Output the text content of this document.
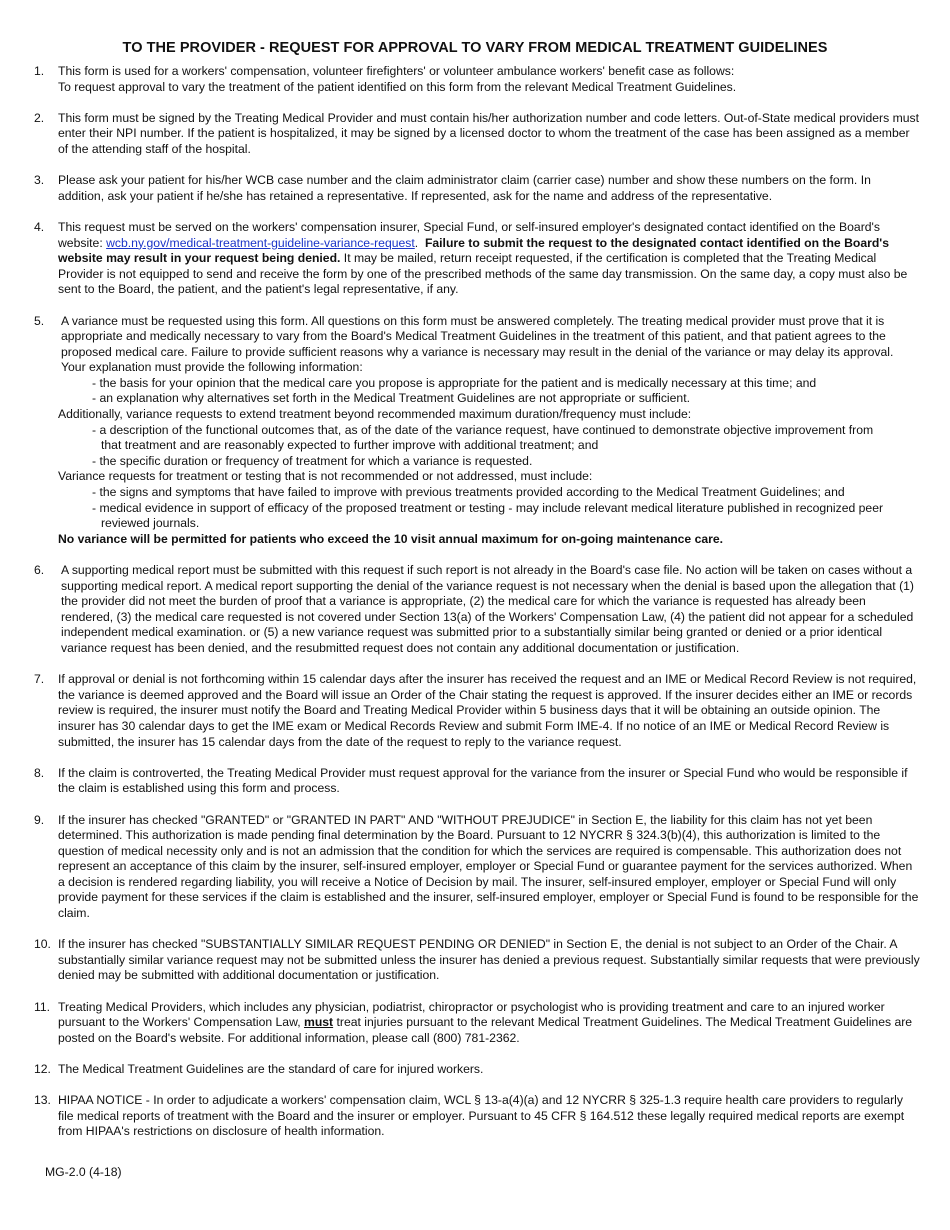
TO THE PROVIDER - REQUEST FOR APPROVAL TO VARY FROM MEDICAL TREATMENT GUIDELINES
1. This form is used for a workers' compensation, volunteer firefighters' or volunteer ambulance workers' benefit case as follows:

To request approval to vary the treatment of the patient identified on this form from the relevant Medical Treatment Guidelines.

2. This form must be signed by the Treating Medical Provider and must contain his/her authorization number and code letters. Out-of-State medical providers must enter their NPI number. If the patient is hospitalized, it may be signed by a licensed doctor to whom the treatment of the case has been assigned as a member of the attending staff of the hospital.

3. Please ask your patient for his/her WCB case number and the claim administrator claim (carrier case) number and show these numbers on the form. In addition, ask your patient if he/she has retained a representative. If represented, ask for the name and address of the representative.

4. This request must be served on the workers' compensation insurer, Special Fund, or self-insured employer's designated contact identified on the Board's website: wcb.ny.gov/medical-treatment-guideline-variance-request.  Failure to submit the request to the designated contact identified on the Board's website may result in your request being denied. It may be mailed, return receipt requested, if the certification is completed that the Treating Medical Provider is not equipped to send and receive the form by one of the prescribed methods of the same day transmission. On the same day, a copy must also be sent to the Board, the patient, and the patient's legal representative, if any.

5. A variance must be requested using this form. All questions on this form must be answered completely. The treating medical provider must prove that it is appropriate and medically necessary to vary from the Board's Medical Treatment Guidelines in the treatment of this patient, and that patient agrees to the proposed medical care. Failure to provide sufficient reasons why a variance is necessary may result in the denial of the variance or may delay its approval. Your explanation must provide the following information:

- the basis for your opinion that the medical care you propose is appropriate for the patient and is medically necessary at this time; and

- an explanation why alternatives set forth in the Medical Treatment Guidelines are not appropriate or sufficient.

Additionally, variance requests to extend treatment beyond recommended maximum duration/frequency must include:

- a description of the functional outcomes that, as of the date of the variance request, have continued to demonstrate objective improvement from

that treatment and are reasonably expected to further improve with additional treatment; and

- the specific duration or frequency of treatment for which a variance is requested.

Variance requests for treatment or testing that is not recommended or not addressed, must include:

- the signs and symptoms that have failed to improve with previous treatments provided according to the Medical Treatment Guidelines; and

- medical evidence in support of efficacy of the proposed treatment or testing - may include relevant medical literature published in recognized peer

reviewed journals.

No variance will be permitted for patients who exceed the 10 visit annual maximum for on-going maintenance care.

6. A supporting medical report must be submitted with this request if such report is not already in the Board's case file. No action will be taken on cases without a supporting medical report. A medical report supporting the denial of the variance request is not necessary when the denial is based upon the allegation that (1) the provider did not meet the burden of proof that a variance is appropriate, (2) the medical care for which the variance is requested has already been rendered, (3) the medical care requested is not covered under Section 13(a) of the Workers' Compensation Law, (4) the patient did not appear for a scheduled independent medical examination. or (5) a new variance request was submitted prior to a substantially similar being granted or denied or a prior identical variance request has been denied, and the resubmitted request does not contain any additional documentation or justification.

7. If approval or denial is not forthcoming within 15 calendar days after the insurer has received the request and an IME or Medical Record Review is not required, the variance is deemed approved and the Board will issue an Order of the Chair stating the request is approved. If the insurer decides either an IME or records review is required, the insurer must notify the Board and Treating Medical Provider within 5 business days that it will be obtaining an outside opinion. The insurer has 30 calendar days to get the IME exam or Medical Records Review and submit Form IME-4. If no notice of an IME or Medical Record Review is submitted, the insurer has 15 calendar days from the date of the request to reply to the variance request.

8. If the claim is controverted, the Treating Medical Provider must request approval for the variance from the insurer or Special Fund who would be responsible if the claim is established using this form and process.

9. If the insurer has checked "GRANTED" or "GRANTED IN PART" AND "WITHOUT PREJUDICE" in Section E, the liability for this claim has not yet been determined. This authorization is made pending final determination by the Board. Pursuant to 12 NYCRR § 324.3(b)(4), this authorization is limited to the question of medical necessity only and is not an admission that the condition for which the services are required is compensable. This authorization does not represent an acceptance of this claim by the insurer, self-insured employer, employer or Special Fund or guarantee payment for the services authorized. When a decision is rendered regarding liability, you will receive a Notice of Decision by mail. The insurer, self-insured employer, employer or Special Fund will only provide payment for these services if the claim is established and the insurer, self-insured employer, employer or Special Fund is found to be responsible for the claim.

10. If the insurer has checked "SUBSTANTIALLY SIMILAR REQUEST PENDING OR DENIED" in Section E, the denial is not subject to an Order of the Chair. A substantially similar variance request may not be submitted unless the insurer has denied a previous request. Substantially similar requests that were previously denied may be submitted with additional documentation or justification.

11. Treating Medical Providers, which includes any physician, podiatrist, chiropractor or psychologist who is providing treatment and care to an injured worker pursuant to the Workers' Compensation Law, must treat injuries pursuant to the relevant Medical Treatment Guidelines. The Medical Treatment Guidelines are posted on the Board's website. For additional information, please call (800) 781-2362.

12. The Medical Treatment Guidelines are the standard of care for injured workers.

13. HIPAA NOTICE - In order to adjudicate a workers' compensation claim, WCL § 13-a(4)(a) and 12 NYCRR § 325-1.3 require health care providers to regularly file medical reports of treatment with the Board and the insurer or employer. Pursuant to 45 CFR § 164.512 these legally required medical reports are exempt from HIPAA's restrictions on disclosure of health information.

MG-2.0 (4-18)
